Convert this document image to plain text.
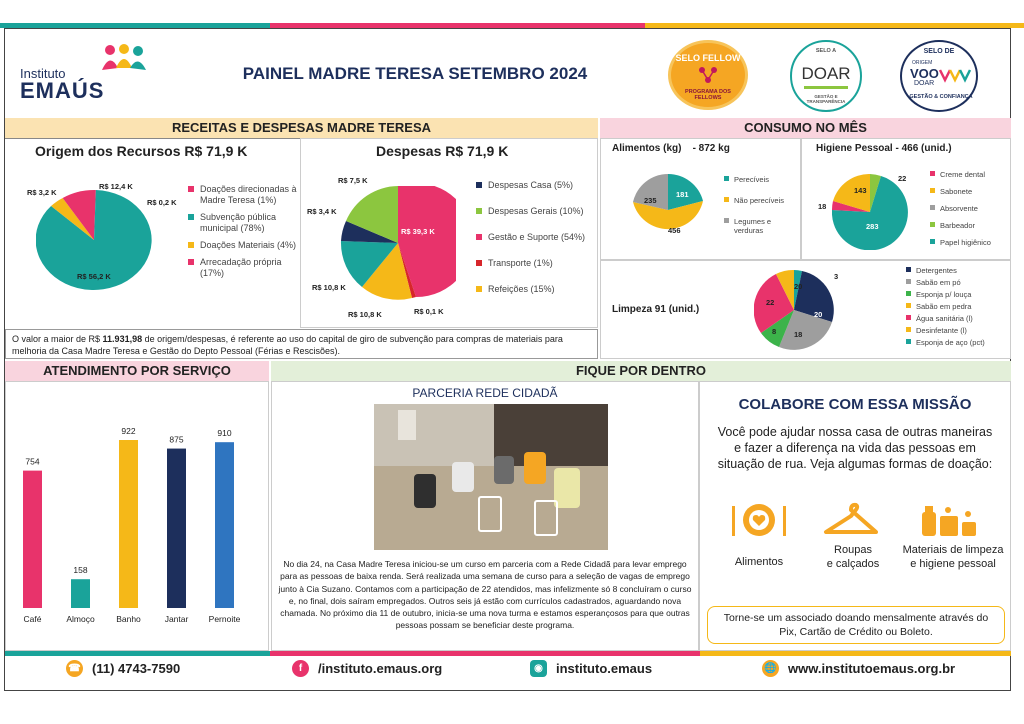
Instituto
EMAÚS
PAINEL MADRE TERESA SETEMBRO 2024
SELO FELLOW
PROGRAMA DOS FELLOWS
SELO A
DOAR
GESTÃO E TRANSPARÊNCIA
SELO DE
ORIGEM
VOO
DOAR
GESTÃO & CONFIANÇA
RECEITAS E DESPESAS MADRE TERESA	CONSUMO NO MÊS
Origem dos Recursos R$ 71,9 K
R$ 56,2 K
R$ 3,2 K
R$ 12,4 K
R$ 0,2 K
Doações direcionadas à Madre Teresa (1%)
Subvenção pública municipal (78%)
Doações Materiais (4%)
Arrecadação própria (17%)
Despesas R$ 71,9 K
R$ 7,5 K
R$ 3,4 K
R$ 39,3 K
R$ 10,8 K
R$ 10,8 K	R$ 0,1 K
Despesas Casa (5%)
Despesas Gerais (10%)
Gestão e Suporte (54%)
Transporte (1%)
Refeições (15%)
O valor a maior de R$ 11.931,98 de origem/despesas, é referente ao uso do capital de giro de subvenção para compras de materiais para melhoria da Casa Madre Teresa e Gestão do Depto Pessoal (Férias e Rescisões).
Alimentos (kg) - 872 kg
181
456
235
Perecíveis
Não perecíveis
Legumes e verduras
Higiene Pessoal - 466 (unid.)
22
283
18
143
Creme dental
Sabonete
Absorvente
Barbeador
Papel higiênico
Limpeza 91 (unid.)
3
20
18
8
22
20
Detergentes
Sabão em pó
Esponja p/ louça
Sabão em pedra
Água sanitária (l)
Desinfetante (l)
Esponja de aço (pct)
ATENDIMENTO POR SERVIÇO
754
Café
158
Almoço
922
Banho
875
Jantar
910
Pernoite
FIQUE POR DENTRO
PARCERIA REDE CIDADÃ
No dia 24, na Casa Madre Teresa iniciou-se um curso em parceria com a Rede Cidadã para levar emprego para as pessoas de baixa renda. Será realizada uma semana de curso para a seleção de vagas de emprego junto à Cia Suzano. Contamos com a participação de 22 atendidos, mas infelizmente só 8 concluíram o curso e, no final, dois saíram empregados. Outros seis já estão com currículos cadastrados, aguardando nova chamada. No próximo dia 11 de outubro, inicia-se uma nova turma e estamos esperançosos para que outras pessoas possam se beneficiar deste programa.
COLABORE COM ESSA MISSÃO
Você pode ajudar nossa casa de outras maneiras e fazer a diferença na vida das pessoas em situação de rua. Veja algumas formas de doação:
Alimentos
Roupas
e calçados
Materiais de limpeza
e higiene pessoal
Torne-se um associado doando mensalmente através do Pix, Cartão de Crédito ou Boleto.
☎ (11) 4743-7590	f	/instituto.emaus.org	◉	instituto.emaus	🌐 www.institutoemaus.org.br
